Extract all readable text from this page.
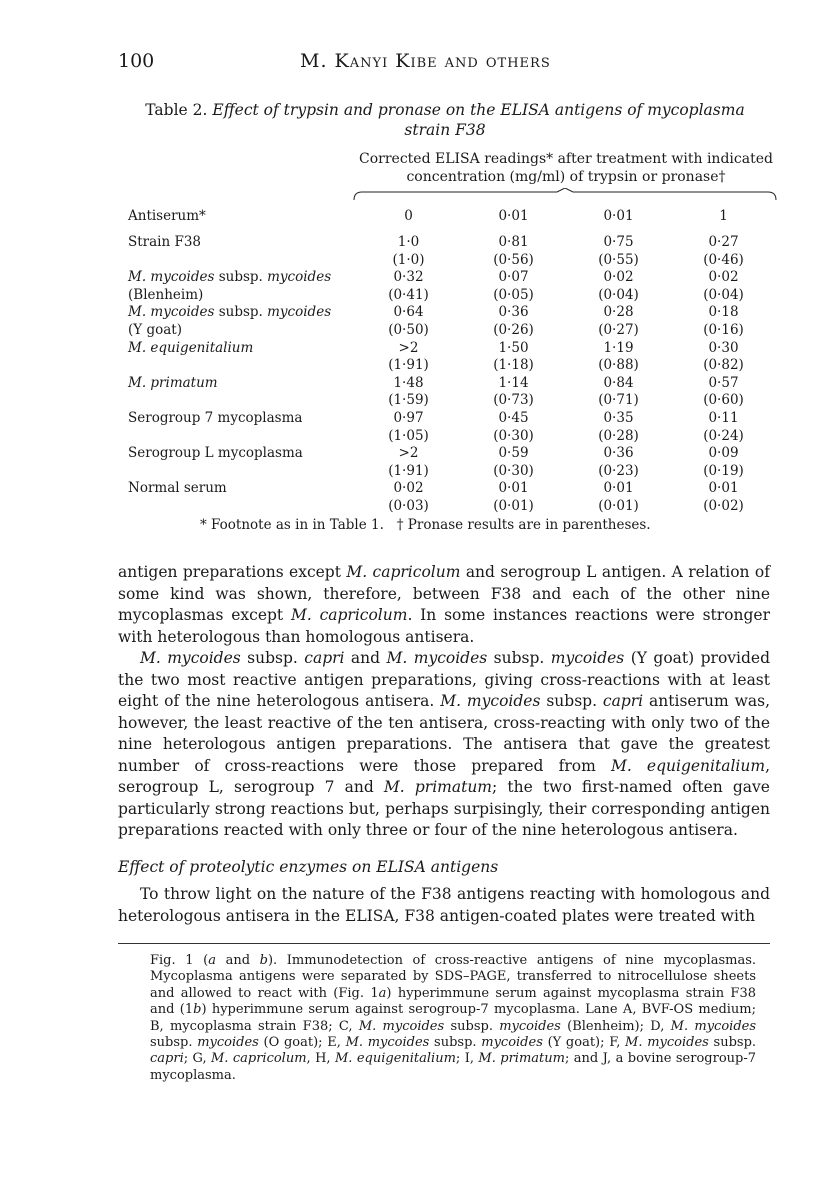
100	M. Kanyi Kibe and others
Table 2. Effect of trypsin and pronase on the ELISA antigens of mycoplasma strain F38
Corrected ELISA readings* after treatment with indicated concentration (mg/ml) of trypsin or pronase†
Antiserum*	0	0·01	0·01	1
Strain F38	1·0	0·81	0·75	0·27
	(1·0)	(0·56)	(0·55)	(0·46)
M. mycoides subsp. mycoides	0·32	0·07	0·02	0·02
(Blenheim)	(0·41)	(0·05)	(0·04)	(0·04)
M. mycoides subsp. mycoides	0·64	0·36	0·28	0·18
(Y goat)	(0·50)	(0·26)	(0·27)	(0·16)
M. equigenitalium	>2	1·50	1·19	0·30
	(1·91)	(1·18)	(0·88)	(0·82)
M. primatum	1·48	1·14	0·84	0·57
	(1·59)	(0·73)	(0·71)	(0·60)
Serogroup 7 mycoplasma	0·97	0·45	0·35	0·11
	(1·05)	(0·30)	(0·28)	(0·24)
Serogroup L mycoplasma	>2	0·59	0·36	0·09
	(1·91)	(0·30)	(0·23)	(0·19)
Normal serum	0·02	0·01	0·01	0·01
	(0·03)	(0·01)	(0·01)	(0·02)
* Footnote as in in Table 1.   † Pronase results are in parentheses.

antigen preparations except M. capricolum and serogroup L antigen. A relation of some kind was shown, therefore, between F38 and each of the other nine mycoplasmas except M. capricolum. In some instances reactions were stronger with heterologous than homologous antisera.

M. mycoides subsp. capri and M. mycoides subsp. mycoides (Y goat) provided the two most reactive antigen preparations, giving cross-reactions with at least eight of the nine heterologous antisera. M. mycoides subsp. capri antiserum was, however, the least reactive of the ten antisera, cross-reacting with only two of the nine heterologous antigen preparations. The antisera that gave the greatest number of cross-reactions were those prepared from M. equigenitalium, serogroup L, serogroup 7 and M. primatum; the two first-named often gave particularly strong reactions but, perhaps surpisingly, their corresponding antigen preparations reacted with only three or four of the nine heterologous antisera.

Effect of proteolytic enzymes on ELISA antigens

To throw light on the nature of the F38 antigens reacting with homologous and heterologous antisera in the ELISA, F38 antigen-coated plates were treated with

Fig. 1 (a and b). Immunodetection of cross-reactive antigens of nine mycoplasmas. Mycoplasma antigens were separated by SDS–PAGE, transferred to nitrocellulose sheets and allowed to react with (Fig. 1a) hyperimmune serum against mycoplasma strain F38 and (1b) hyperimmune serum against serogroup-7 mycoplasma. Lane A, BVF-OS medium; B, mycoplasma strain F38; C, M. mycoides subsp. mycoides (Blenheim); D, M. mycoides subsp. mycoides (O goat); E, M. mycoides subsp. mycoides (Y goat); F, M. mycoides subsp. capri; G, M. capricolum, H, M. equigenitalium; I, M. primatum; and J, a bovine serogroup-7 mycoplasma.
